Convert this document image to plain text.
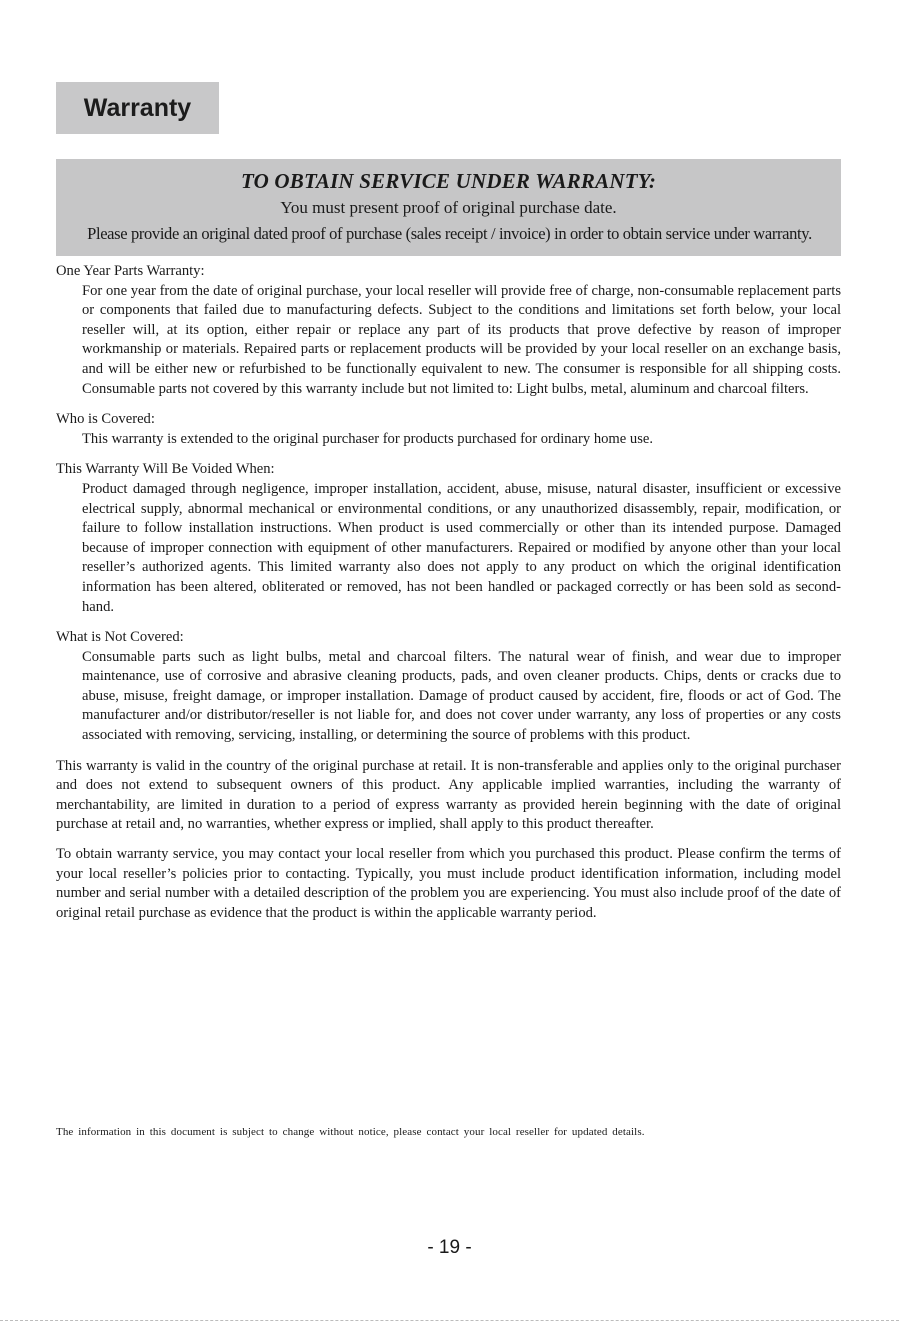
Warranty
TO OBTAIN SERVICE UNDER WARRANTY:
You must present proof of original purchase date.
Please provide an original dated proof of purchase (sales receipt / invoice) in order to obtain service under warranty.

One Year Parts Warranty:

For one year from the date of original purchase, your local reseller will provide free of charge, non-consumable replacement parts or components that failed due to manufacturing defects. Subject to the conditions and limitations set forth below, your local reseller will, at its option, either repair or replace any part of its products that prove defective by reason of improper workmanship or materials. Repaired parts or replacement products will be provided by your local reseller on an exchange basis, and will be either new or refurbished to be functionally equivalent to new. The consumer is responsible for all shipping costs. Consumable parts not covered by this warranty include but not limited to: Light bulbs, metal, aluminum and charcoal filters.

Who is Covered:

This warranty is extended to the original purchaser for products purchased for ordinary home use.

This Warranty Will Be Voided When:

Product damaged through negligence, improper installation, accident, abuse, misuse, natural disaster, insufficient or excessive electrical supply, abnormal mechanical or environmental conditions, or any unauthorized disassembly, repair, modification, or failure to follow installation instructions. When product is used commercially or other than its intended purpose. Damaged because of improper connection with equipment of other manufacturers. Repaired or modified by anyone other than your local reseller’s authorized agents. This limited warranty also does not apply to any product on which the original identification information has been altered, obliterated or removed, has not been handled or packaged correctly or has been sold as second-hand.

What is Not Covered:

Consumable parts such as light bulbs, metal and charcoal filters. The natural wear of finish, and wear due to improper maintenance, use of corrosive and abrasive cleaning products, pads, and oven cleaner products. Chips, dents or cracks due to abuse, misuse, freight damage, or improper installation. Damage of product caused by accident, fire, floods or act of God. The manufacturer and/or distributor/reseller is not liable for, and does not cover under warranty, any loss of properties or any costs associated with removing, servicing, installing, or determining the source of problems with this product.

This warranty is valid in the country of the original purchase at retail. It is non-transferable and applies only to the original purchaser and does not extend to subsequent owners of this product. Any applicable implied warranties, including the warranty of merchantability, are limited in duration to a period of express warranty as provided herein beginning with the date of original purchase at retail and, no warranties, whether express or implied, shall apply to this product thereafter.

To obtain warranty service, you may contact your local reseller from which you purchased this product. Please confirm the terms of your local reseller’s policies prior to contacting. Typically, you must include product identification information, including model number and serial number with a detailed description of the problem you are experiencing. You must also include proof of the date of original retail purchase as evidence that the product is within the applicable warranty period.

The information in this document is subject to change without notice, please contact your local reseller for updated details.
- 19 -
